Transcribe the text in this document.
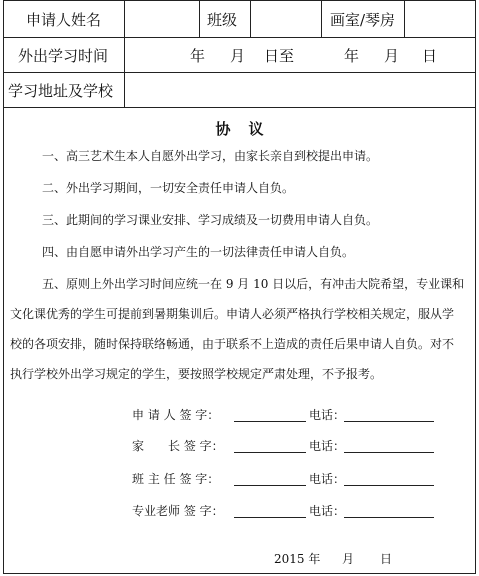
申请人姓名	班级	画室/琴房
外出学习时间	年 月 日至	年 月 日
学习地址及学校
协议
一、高三艺术生本人自愿外出学习，由家长亲自到校提出申请。
二、外出学习期间，一切安全责任申请人自负。
三、此期间的学习课业安排、学习成绩及一切费用申请人自负。
四、由自愿申请外出学习产生的一切法律责任申请人自负。
五、原则上外出学习时间应统一在 9 月 10 日以后，有冲击大院希望，专业课和
文化课优秀的学生可提前到暑期集训后。申请人必须严格执行学校相关规定，服从学
校的各项安排，随时保持联络畅通，由于联系不上造成的责任后果申请人自负。对不
执行学校外出学习规定的学生，要按照学校规定严肃处理，不予报考。
申 请 人 签 字：	电话：
家　　长 签 字：	电话：
班 主 任 签 字：	电话：
专业老师 签 字：	电话：
2015 年 月 日
